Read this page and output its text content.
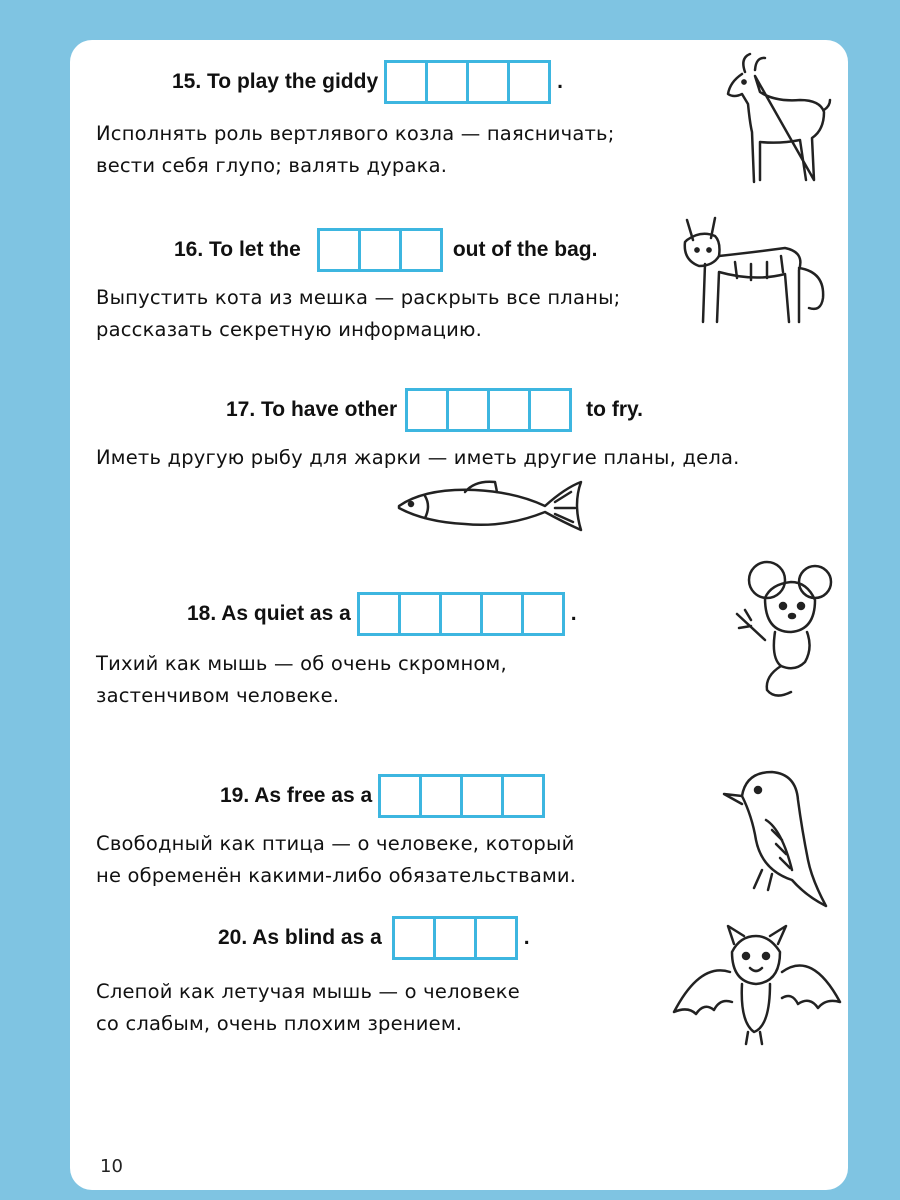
15. To play the giddy	.
Исполнять роль вертлявого козла — паясничать;
вести себя глупо; валять дурака.
16. To let the	out of the bag.
Выпустить кота из мешка — раскрыть все планы;
рассказать секретную информацию.
17. To have other	to fry.
Иметь другую рыбу для жарки — иметь другие планы, дела.
18. As quiet as a	.
Тихий как мышь — об очень скромном,
застенчивом человеке.
19. As free as a
Свободный как птица — о человеке, который
не обременён какими-либо обязательствами.
20. As blind as a	.
Слепой как летучая мышь — о человеке
со слабым, очень плохим зрением.
10
